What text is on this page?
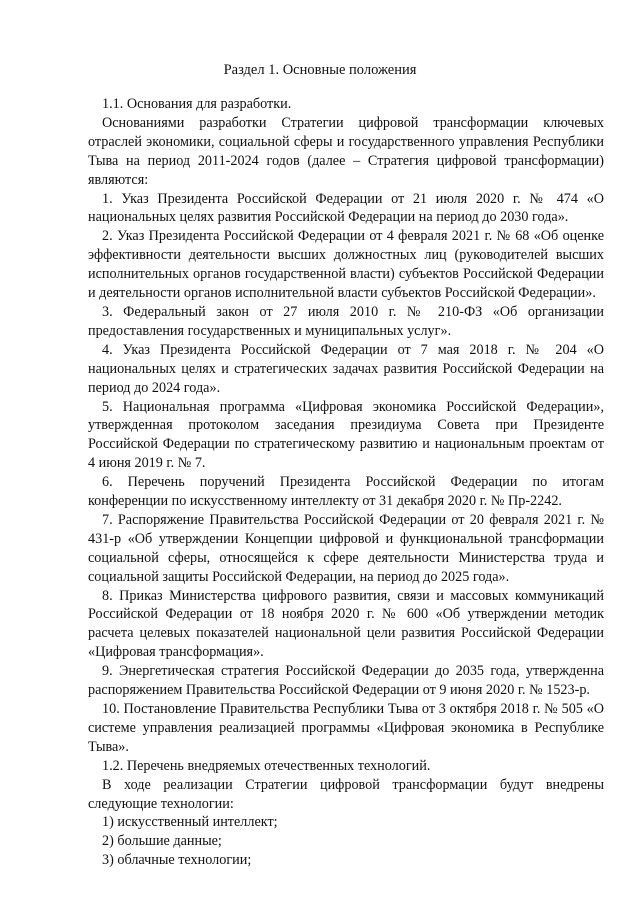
Раздел 1. Основные положения

1.1. Основания для разработки.

Основаниями разработки Стратегии цифровой трансформации ключевых отраслей экономики, социальной сферы и государственного управления Республики Тыва на период 2011-2024 годов (далее – Стратегия цифровой трансформации) являются:

1. Указ Президента Российской Федерации от 21 июля 2020 г. № 474 «О национальных целях развития Российской Федерации на период до 2030 года».

2. Указ Президента Российской Федерации от 4 февраля 2021 г. № 68 «Об оценке эффективности деятельности высших должностных лиц (руководителей высших исполнительных органов государственной власти) субъектов Российской Федерации и деятельности органов исполнительной власти субъектов Российской Федерации».

3. Федеральный закон от 27 июля 2010 г. № 210-ФЗ «Об организации предоставления государственных и муниципальных услуг».

4. Указ Президента Российской Федерации от 7 мая 2018 г. № 204 «О национальных целях и стратегических задачах развития Российской Федерации на период до 2024 года».

5. Национальная программа «Цифровая экономика Российской Федерации», утвержденная протоколом заседания президиума Совета при Президенте Российской Федерации по стратегическому развитию и национальным проектам от 4 июня 2019 г. № 7.

6. Перечень поручений Президента Российской Федерации по итогам конференции по искусственному интеллекту от 31 декабря 2020 г. № Пр-2242.

7. Распоряжение Правительства Российской Федерации от 20 февраля 2021 г. № 431-р «Об утверждении Концепции цифровой и функциональной трансформации социальной сферы, относящейся к сфере деятельности Министерства труда и социальной защиты Российской Федерации, на период до 2025 года».

8. Приказ Министерства цифрового развития, связи и массовых коммуникаций Российской Федерации от 18 ноября 2020 г. № 600 «Об утверждении методик расчета целевых показателей национальной цели развития Российской Федерации «Цифровая трансформация».

9. Энергетическая стратегия Российской Федерации до 2035 года, утвержденна распоряжением Правительства Российской Федерации от 9 июня 2020 г. № 1523-р.

10. Постановление Правительства Республики Тыва от 3 октября 2018 г. № 505 «О системе управления реализацией программы «Цифровая экономика в Республике Тыва».

1.2. Перечень внедряемых отечественных технологий.

В ходе реализации Стратегии цифровой трансформации будут внедрены следующие технологии:

1) искусственный интеллект;

2) большие данные;

3) облачные технологии;
